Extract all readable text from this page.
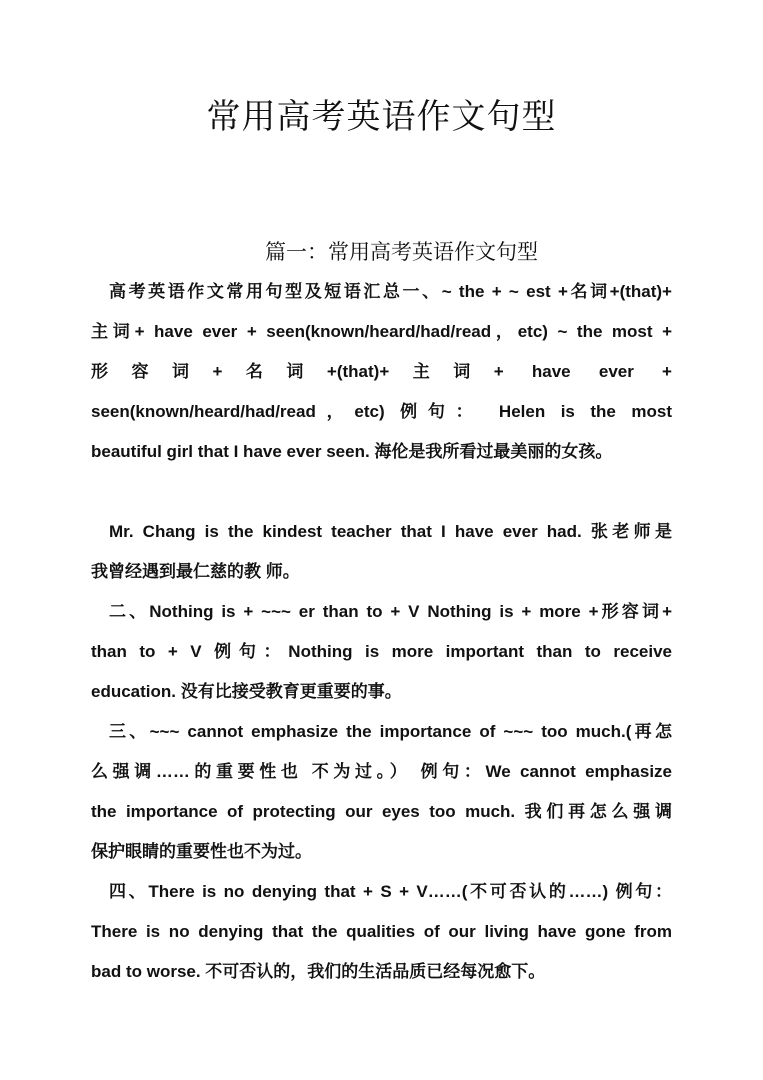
常用高考英语作文句型
篇一：常用高考英语作文句型
高考英语作文常用句型及短语汇总一、~ the + ~ est +名词+(that)+
主词+ have ever + seen(known/heard/had/read，etc) ~ the most +
形容词+名词+(that)+主词+ have ever +
seen(known/heard/had/read，etc) 例句： Helen is the most
beautiful girl that I have ever seen. 海伦是我所看过最美丽的女孩。
Mr. Chang is the kindest teacher that I have ever had. 张老师是
我曾经遇到最仁慈的教 师。
二、Nothing is + ~~~ er than to + V Nothing is + more +形容词+
than to + V 例句：Nothing is more important than to receive
education. 没有比接受教育更重要的事。
三、~~~ cannot emphasize the importance of ~~~ too much.(再怎
么强调……的重要性也 不为过。） 例句：We cannot emphasize
the importance of protecting our eyes too much. 我们再怎么强调
保护眼睛的重要性也不为过。
四、There is no denying that + S + V……(不可否认的……) 例句：
There is no denying that the qualities of our living have gone from
bad to worse. 不可否认的，我们的生活品质已经每况愈下。
